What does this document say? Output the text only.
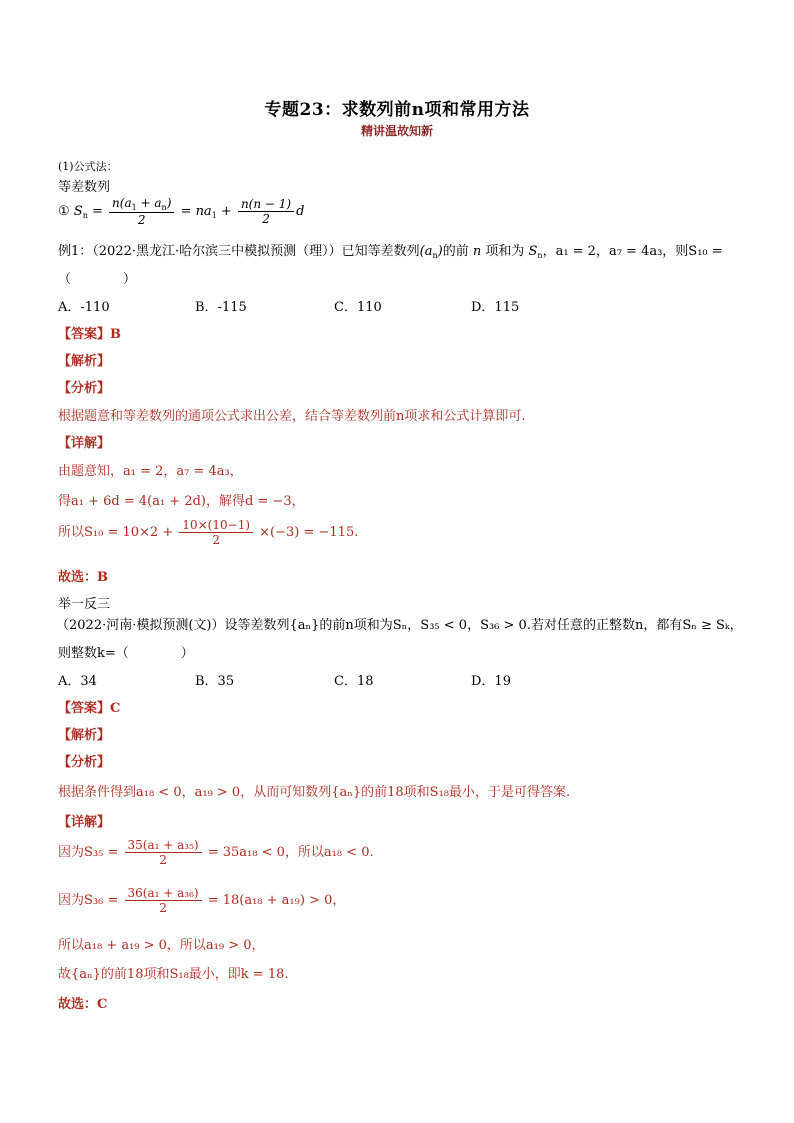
专题23：求数列前n项和常用方法
精讲温故知新
(1)公式法：
等差数列
① $S_n = \frac{n(a_1 + a_n)}{2} = na_1 + \frac{n(n - 1)}{2}$ d
例1：（2022·黑龙江·哈尔滨三中模拟预测（理））已知等差数列$(a_n)$的前 n 项和为 $S_n$，a₁ = 2，a₇ = 4a₃，则S₁₀ =
（　　　　）
A．-110	B．-115	C．110	D．115
【答案】B
【解析】
【分析】
根据题意和等差数列的通项公式求出公差，结合等差数列前n项求和公式计算即可.
【详解】
由题意知，a₁ = 2，a₇ = 4a₃，
得a₁ + 6d = 4(a₁ + 2d)，解得d = −3，
所以$S_{10} = 10\times 2 + \frac{10\times(10-1)}{2} \times(-3) = -115$.
故选：B
举一反三
（2022·河南·模拟预测(文)）设等差数列{aₙ}的前n项和为Sₙ，S₃₅ < 0，S₃₆ > 0.若对任意的正整数n，都有Sₙ ≥ Sₖ，
则整数k=（　　　　）
A．34	B．35	C．18	D．19
【答案】C
【解析】
【分析】
根据条件得到a₁₈ < 0，a₁₉ > 0，从而可知数列{aₙ}的前18项和S₁₈最小，于是可得答案.
【详解】
因为$S_{35} = \frac{\text{35(a₁ + a₃₅)}}{2} = 35a_{18} < 0$，所以a₁₈ < 0.
因为$S_{36} = \frac{\text{36(a₁ + a₃₆)}}{2} = 18(a_{18} + a_{19}) > 0$，
所以a₁₈ + a₁₉ > 0，所以a₁₉ > 0，
故{aₙ}的前18项和S₁₈最小，即k = 18.
故选：C
